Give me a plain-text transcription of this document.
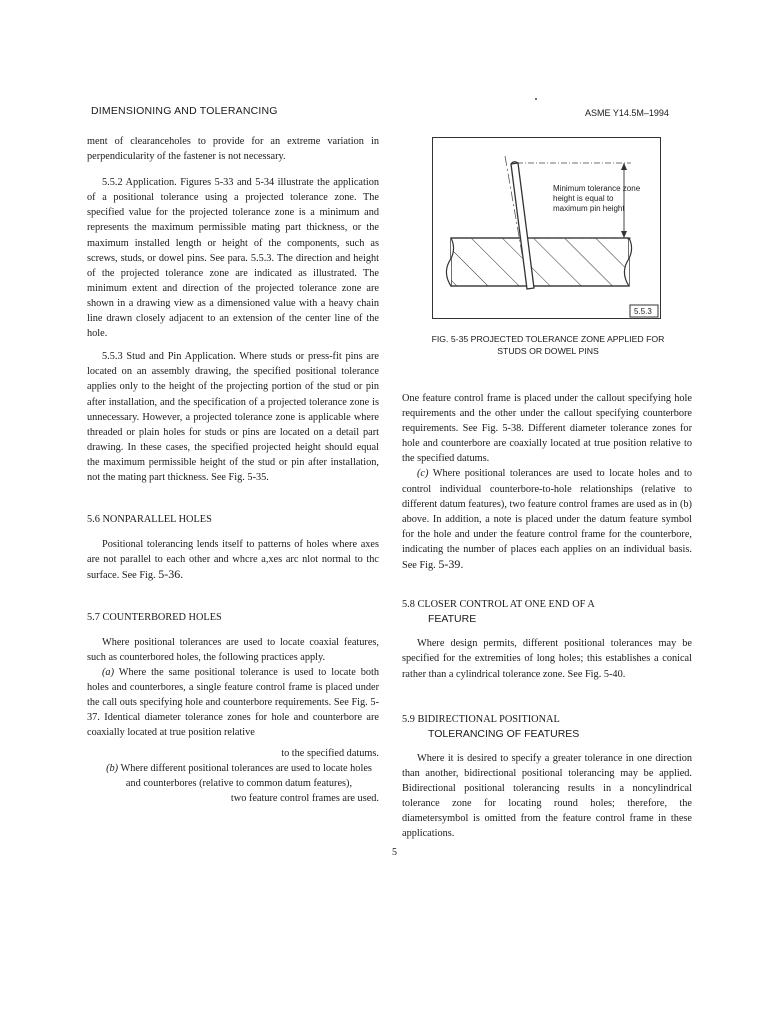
DIMENSIONING AND TOLERANCING	ASME Y14.5M–1994

ment of clearanceholes to provide for an extreme variation in perpendicularity of the fastener is not necessary.

5.5.2 Application. Figures 5-33 and 5-34 illustrate the application of a positional tolerance using a projected tolerance zone. The specified value for the projected tolerance zone is a minimum and represents the maximum permissible mating part thickness, or the maximum installed length or height of the components, such as screws, studs, or dowel pins. See para. 5.5.3. The direction and height of the projected tolerance zone are indicated as illustrated. The minimum extent and direction of the projected tolerance zone are shown in a drawing view as a dimensioned value with a heavy chain line drawn closely adjacent to an extension of the center line of the hole.

5.5.3 Stud and Pin Application. Where studs or press-fit pins are located on an assembly drawing, the specified positional tolerance applies only to the height of the projecting portion of the stud or pin after installation, and the specification of a projected tolerance zone is unnecessary. However, a projected tolerance zone is applicable where threaded or plain holes for studs or pins are located on a detail part drawing. In these cases, the specified projected height should equal the maximum permissible height of the stud or pin after installation, not the mating part thickness. See Fig. 5-35.

5.6 NONPARALLEL HOLES

Positional tolerancing lends itself to patterns of holes where axes are not parallel to each other and whcre a,xes arc nlot normal to thc surface. See Fig. 5-36.

5.7 COUNTERBORED HOLES

Where positional tolerances are used to locate coaxial features, such as counterbored holes, the following practices apply.

(a) Where the same positional tolerance is used to locate both holes and counterbores, a single feature control frame is placed under the call outs specifying hole and counterbore requirements. See Fig. 5-37. Identical diameter tolerance zones for hole and counterbore are coaxially located at true position relative

to the specified datums.

(b) Where different positional tolerances are used to locate holes and counterbores (relative to common datum features),

two feature control frames are used.

Minimum tolerance zone
height is equal to
maximum pin height
5.5.3
FIG. 5-35 PROJECTED TOLERANCE ZONE APPLIED FOR
STUDS OR DOWEL PINS

One feature control frame is placed under the callout specifying hole requirements and the other under the callout specifying counterbore requirements. See Fig. 5-38. Different diameter tolerance zones for hole and counterbore are coaxially located at true position relative to the specified datums.

(c) Where positional tolerances are used to locate holes and to control individual counterbore-to-hole relationships (relative to different datum features), two feature control frames are used as in (b) above. In addition, a note is placed under the datum feature symbol for the hole and under the feature control frame for the counterbore, indicating the number of places each applies on an individual basis. See Fig. 5-39.

5.8 CLOSER CONTROL AT ONE END OF A
FEATURE

Where design permits, different positional tolerances may be specified for the extremities of long holes; this establishes a conical rather than a cylindrical tolerance zone. See Fig. 5-40.

5.9 BIDIRECTIONAL POSITIONAL
TOLERANCING OF FEATURES

Where it is desired to specify a greater tolerance in one direction than another, bidirectional positional tolerancing may be applied. Bidirectional positional tolerancing results in a noncylindrical tolerance zone for locating round holes; therefore, the diametersymbol is omitted from the feature control frame in these applications.

5
